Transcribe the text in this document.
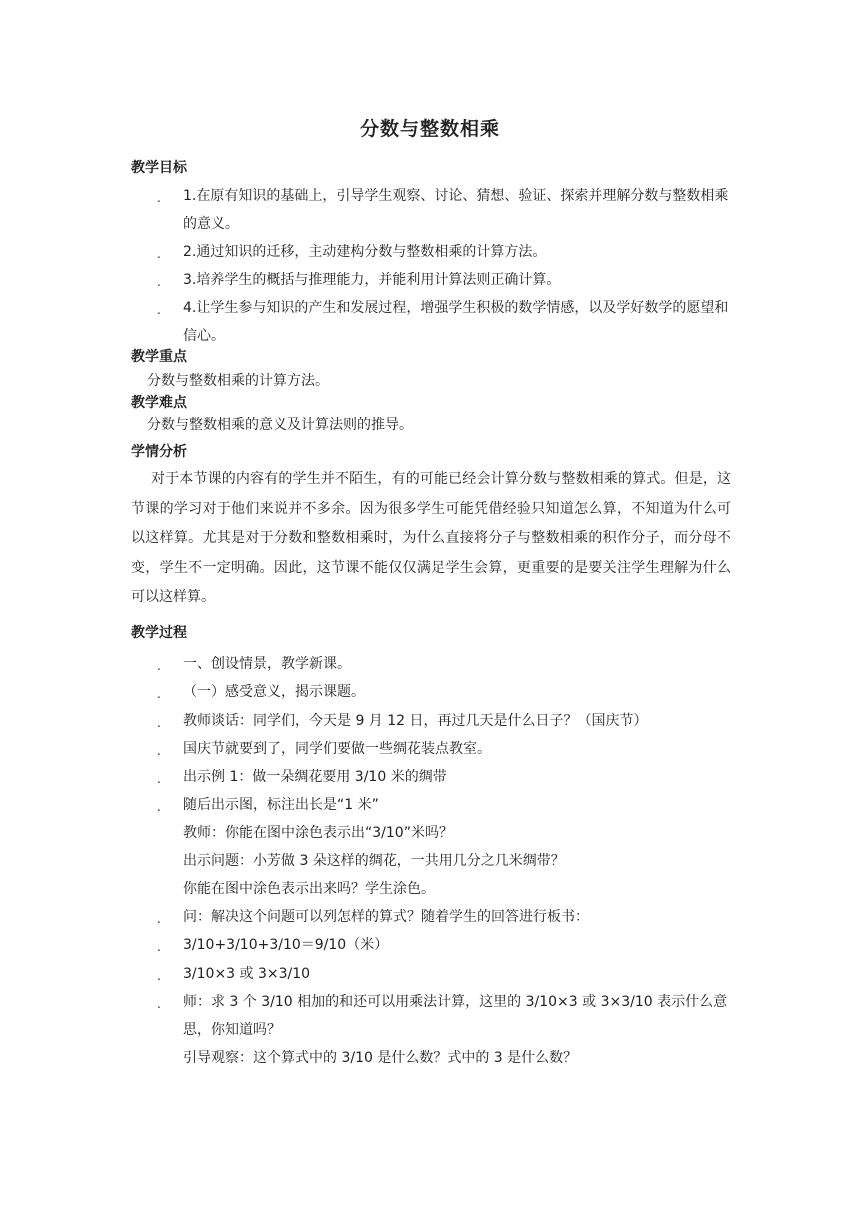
分数与整数相乘
教学目标
.	1.在原有知识的基础上，引导学生观察、讨论、猜想、验证、探索并理解分数与整数相乘的意义。
.	2.通过知识的迁移，主动建构分数与整数相乘的计算方法。
.	3.培养学生的概括与推理能力，并能利用计算法则正确计算。
.	4.让学生参与知识的产生和发展过程，增强学生积极的数学情感，以及学好数学的愿望和信心。
教学重点
分数与整数相乘的计算方法。
教学难点
分数与整数相乘的意义及计算法则的推导。
学情分析
对于本节课的内容有的学生并不陌生，有的可能已经会计算分数与整数相乘的算式。但是，这节课的学习对于他们来说并不多余。因为很多学生可能凭借经验只知道怎么算，不知道为什么可以这样算。尤其是对于分数和整数相乘时，为什么直接将分子与整数相乘的积作分子，而分母不变，学生不一定明确。因此，这节课不能仅仅满足学生会算，更重要的是要关注学生理解为什么可以这样算。
教学过程
.	一、创设情景，教学新课。
.	（一）感受意义，揭示课题。
.	教师谈话：同学们，今天是 9 月 12 日，再过几天是什么日子？（国庆节）
.	国庆节就要到了，同学们要做一些绸花装点教室。
.	出示例 1：做一朵绸花要用 3/10 米的绸带
.	随后出示图，标注出长是“1 米”
教师：你能在图中涂色表示出“3/10”米吗？
出示问题：小芳做 3 朵这样的绸花，一共用几分之几米绸带？
你能在图中涂色表示出来吗？学生涂色。
.	问：解决这个问题可以列怎样的算式？随着学生的回答进行板书：
.	3/10+3/10+3/10＝9/10（米）
.	3/10×3 或 3×3/10
.	师：求 3 个 3/10 相加的和还可以用乘法计算，这里的 3/10×3 或 3×3/10 表示什么意思，你知道吗？
引导观察：这个算式中的 3/10 是什么数？式中的 3 是什么数？
